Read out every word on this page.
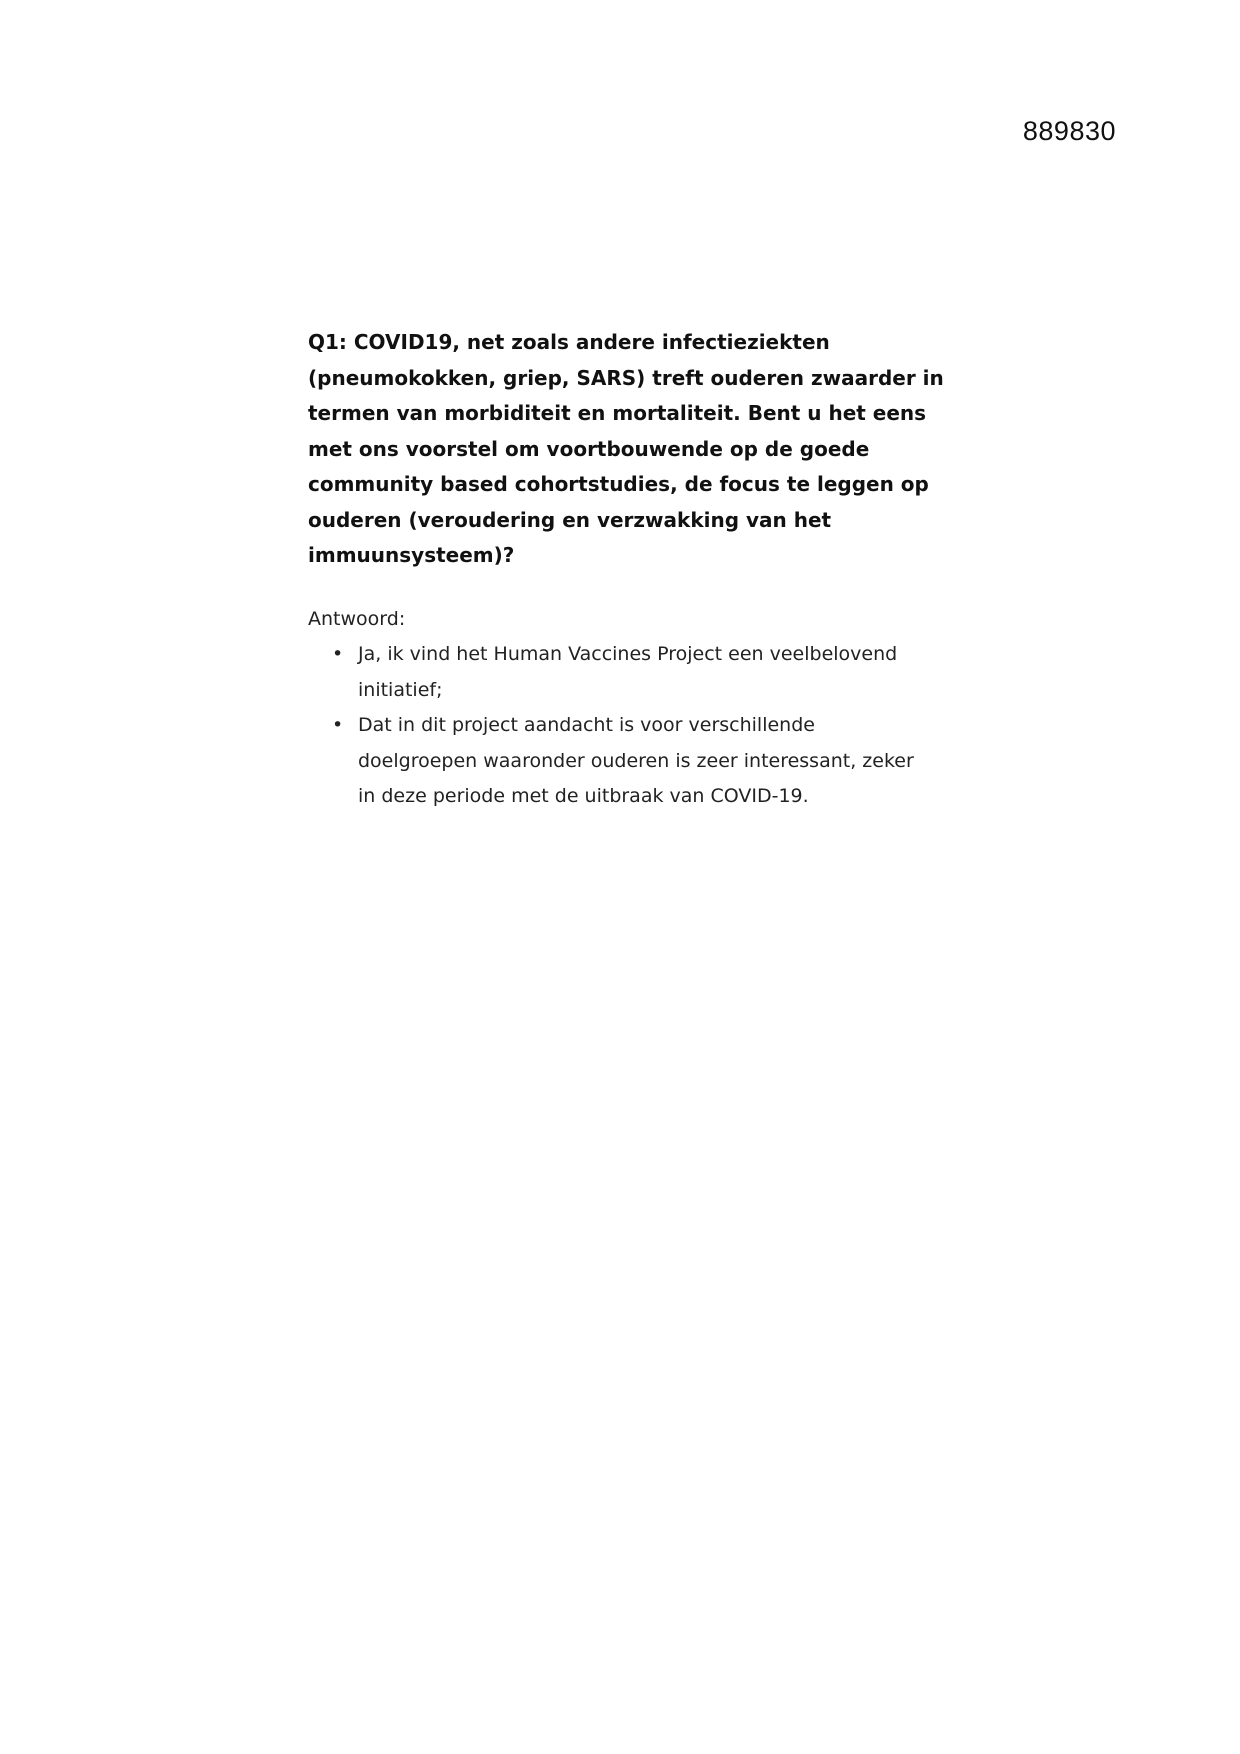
889830

Q1: COVID19, net zoals andere infectieziekten
(pneumokokken, griep, SARS) treft ouderen zwaarder in
termen van morbiditeit en mortaliteit. Bent u het eens
met ons voorstel om voortbouwende op de goede
community based cohortstudies, de focus te leggen op
ouderen (veroudering en verzwakking van het
immuunsysteem)?

Antwoord:

• Ja, ik vind het Human Vaccines Project een veelbelovend
initiatief;
• Dat in dit project aandacht is voor verschillende
doelgroepen waaronder ouderen is zeer interessant, zeker
in deze periode met de uitbraak van COVID-19.
